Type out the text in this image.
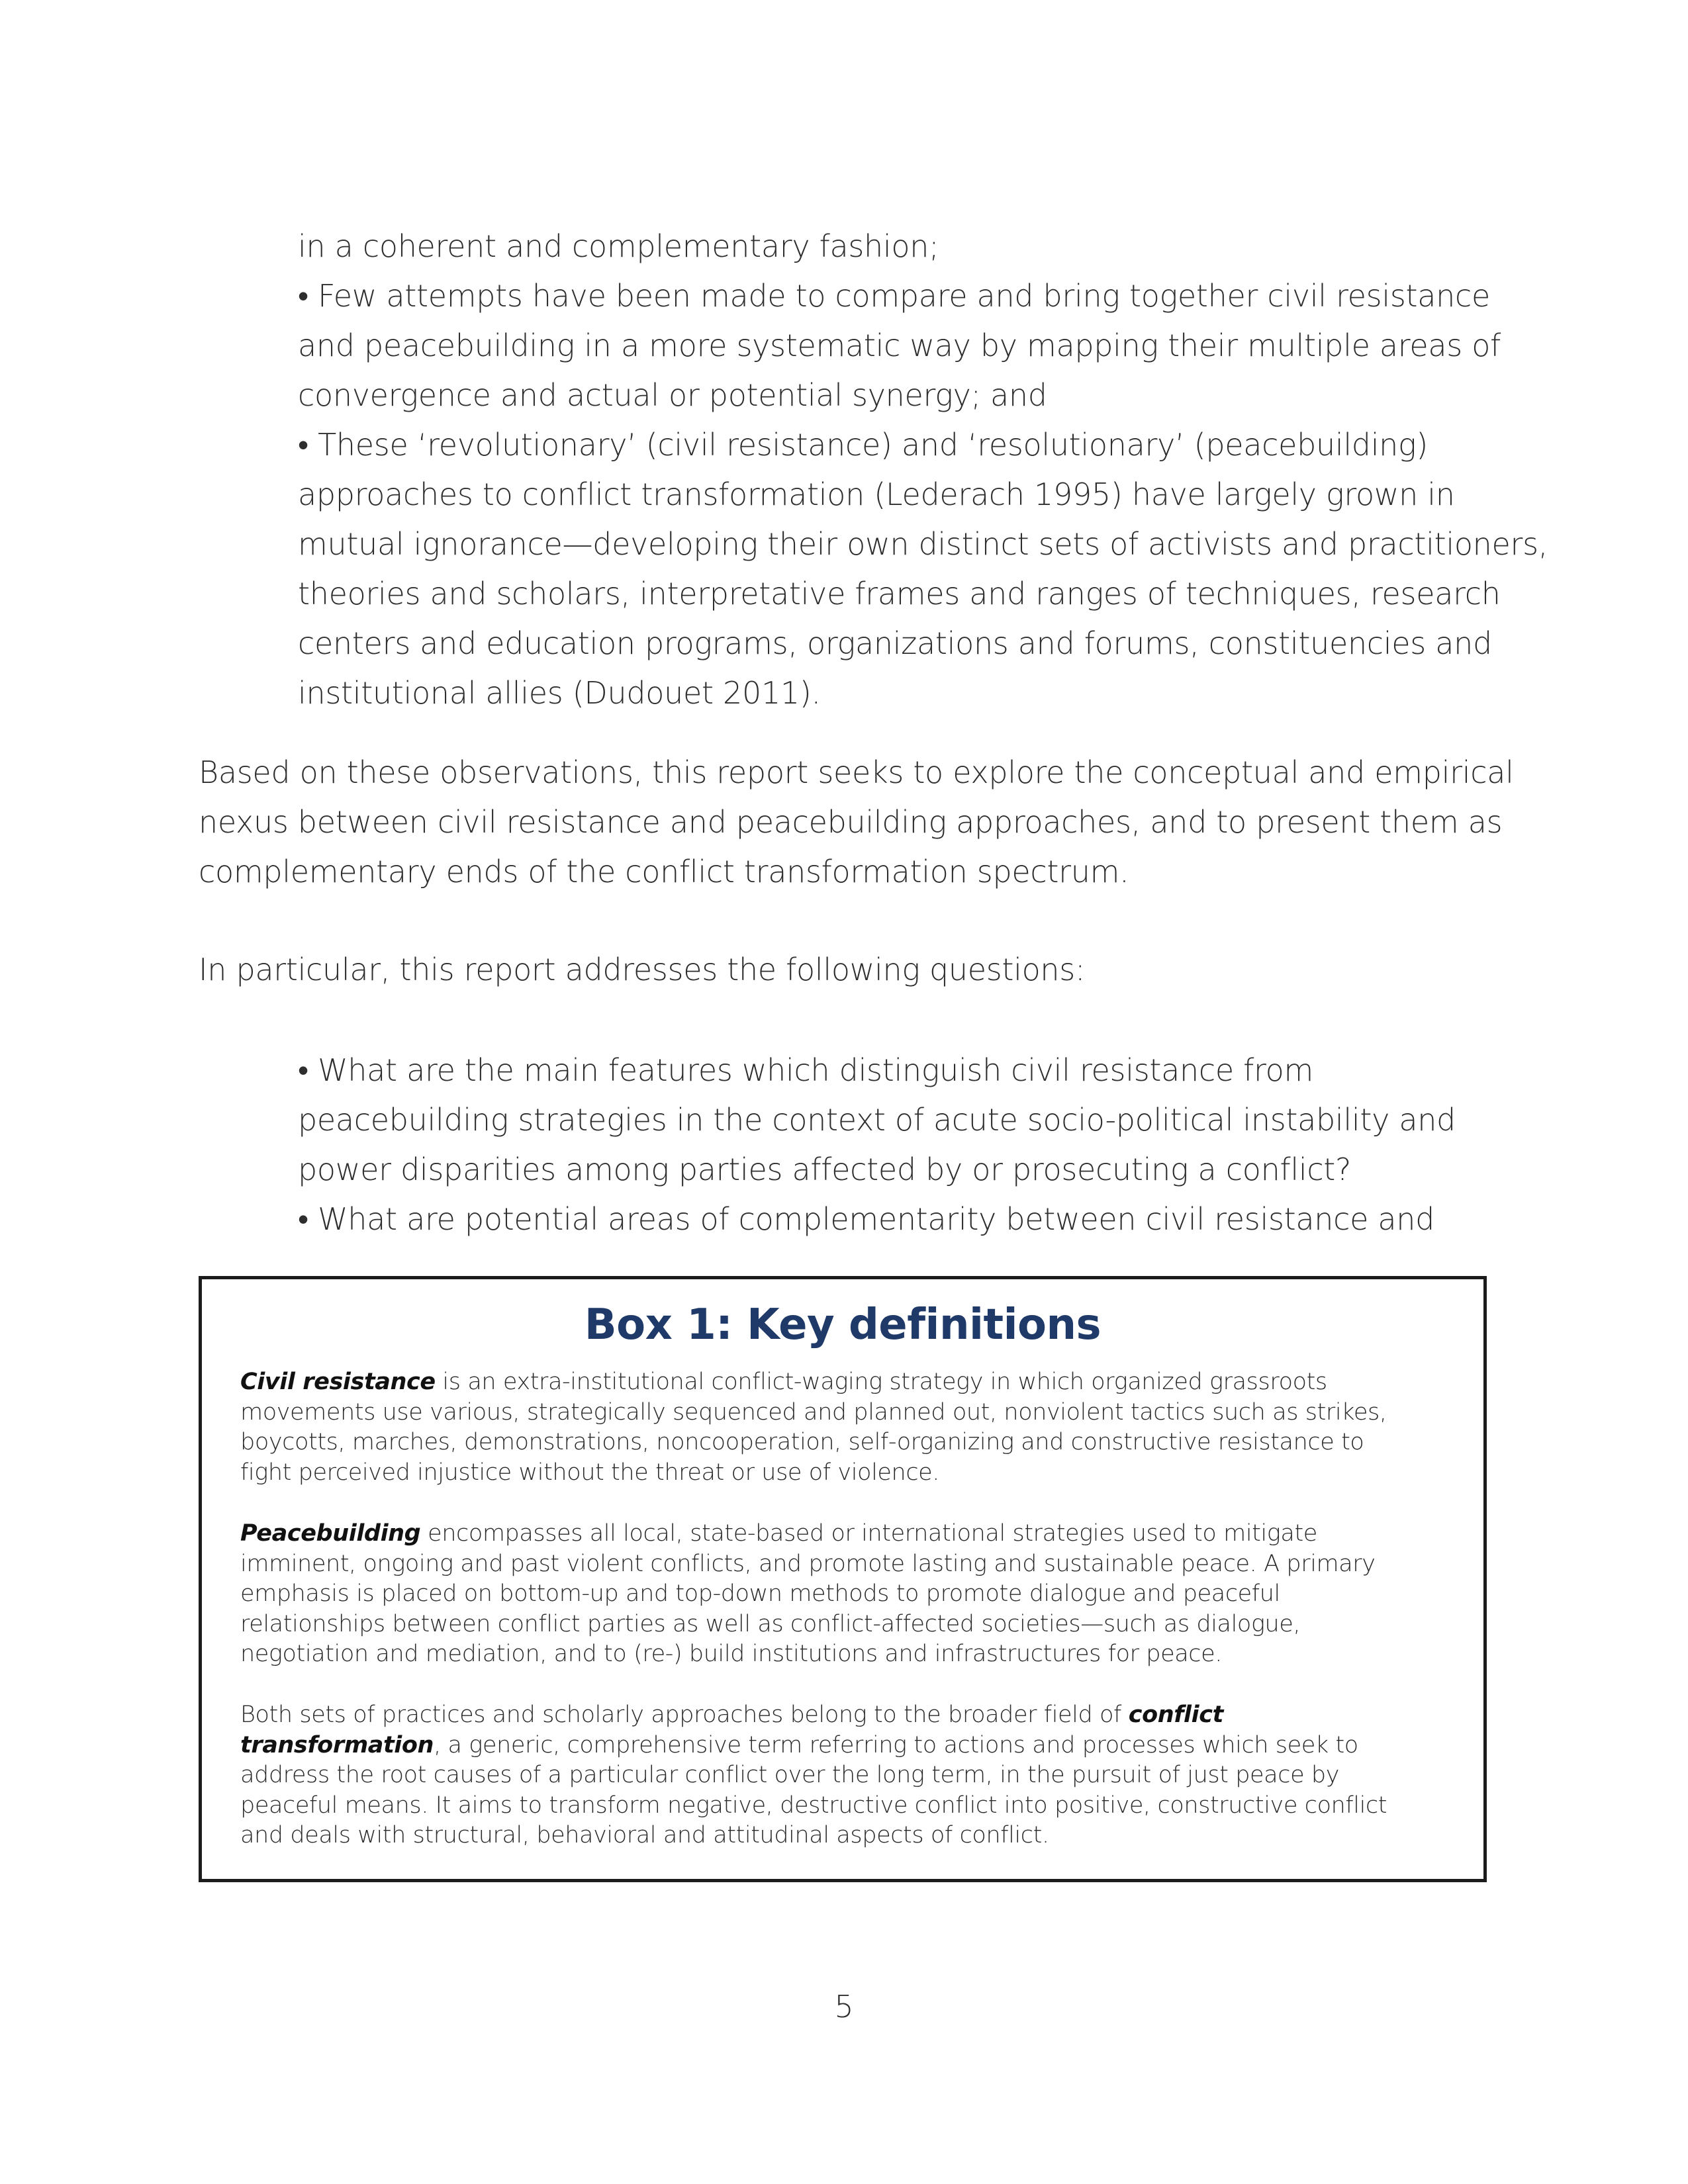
in a coherent and complementary fashion;
• Few attempts have been made to compare and bring together civil resistance
and peacebuilding in a more systematic way by mapping their multiple areas of
convergence and actual or potential synergy; and
• These ‘revolutionary’ (civil resistance) and ‘resolutionary’ (peacebuilding)
approaches to conflict transformation (Lederach 1995) have largely grown in
mutual ignorance—developing their own distinct sets of activists and practitioners,
theories and scholars, interpretative frames and ranges of techniques, research
centers and education programs, organizations and forums, constituencies and
institutional allies (Dudouet 2011).
Based on these observations, this report seeks to explore the conceptual and empirical
nexus between civil resistance and peacebuilding approaches, and to present them as
complementary ends of the conflict transformation spectrum.
In particular, this report addresses the following questions:
• What are the main features which distinguish civil resistance from
peacebuilding strategies in the context of acute socio-political instability and
power disparities among parties affected by or prosecuting a conflict?
• What are potential areas of complementarity between civil resistance and
Box 1: Key definitions
Civil resistance is an extra-institutional conflict-waging strategy in which organized grassroots
movements use various, strategically sequenced and planned out, nonviolent tactics such as strikes,
boycotts, marches, demonstrations, noncooperation, self-organizing and constructive resistance to
fight perceived injustice without the threat or use of violence.
Peacebuilding encompasses all local, state-based or international strategies used to mitigate
imminent, ongoing and past violent conflicts, and promote lasting and sustainable peace. A primary
emphasis is placed on bottom-up and top-down methods to promote dialogue and peaceful
relationships between conflict parties as well as conflict-affected societies—such as dialogue,
negotiation and mediation, and to (re-) build institutions and infrastructures for peace.
Both sets of practices and scholarly approaches belong to the broader field of conflict
transformation, a generic, comprehensive term referring to actions and processes which seek to
address the root causes of a particular conflict over the long term, in the pursuit of just peace by
peaceful means. It aims to transform negative, destructive conflict into positive, constructive conflict
and deals with structural, behavioral and attitudinal aspects of conflict.
5
